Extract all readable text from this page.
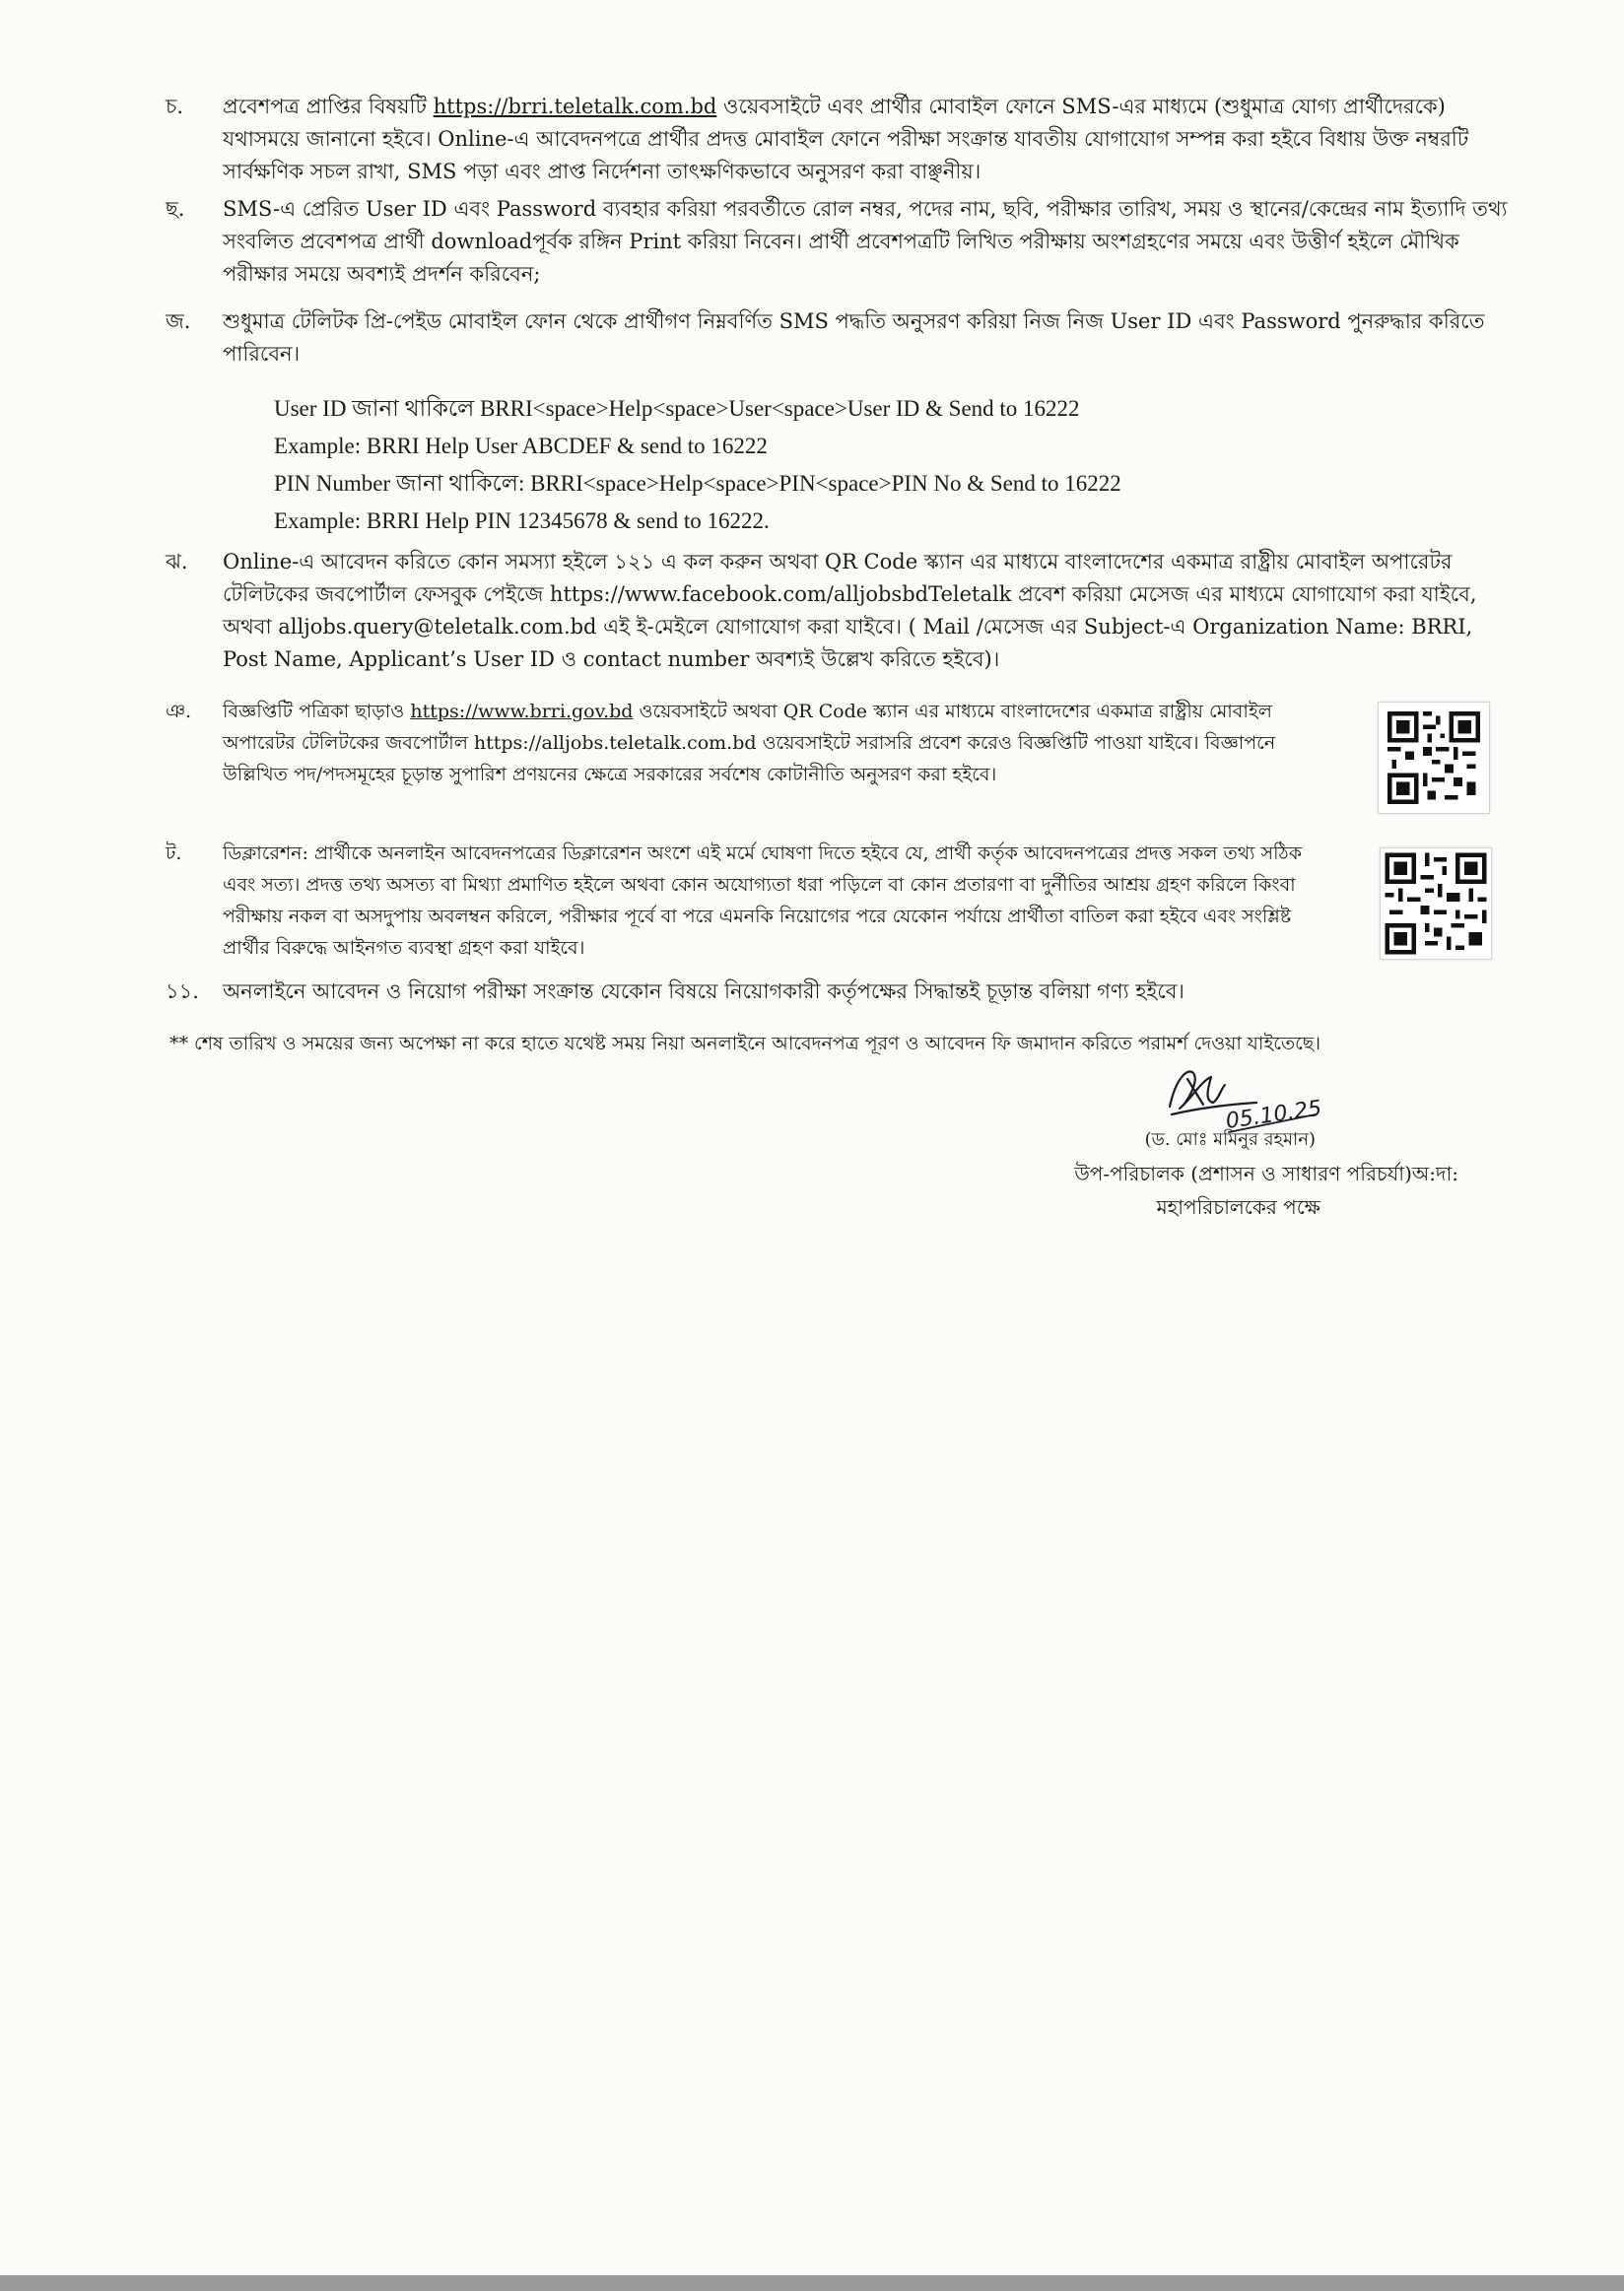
চ.	প্রবেশপত্র প্রাপ্তির বিষয়টি https://brri.teletalk.com.bd ওয়েবসাইটে এবং প্রার্থীর মোবাইল ফোনে SMS-এর মাধ্যমে (শুধুমাত্র যোগ্য প্রার্থীদেরকে) যথাসময়ে জানানো হইবে। Online-এ আবেদনপত্রে প্রার্থীর প্রদত্ত মোবাইল ফোনে পরীক্ষা সংক্রান্ত যাবতীয় যোগাযোগ সম্পন্ন করা হইবে বিধায় উক্ত নম্বরটি সার্বক্ষণিক সচল রাখা, SMS পড়া এবং প্রাপ্ত নির্দেশনা তাৎক্ষণিকভাবে অনুসরণ করা বাঞ্ছনীয়।
ছ.	SMS-এ প্রেরিত User ID এবং Password ব্যবহার করিয়া পরবর্তীতে রোল নম্বর, পদের নাম, ছবি, পরীক্ষার তারিখ, সময় ও স্থানের/কেন্দ্রের নাম ইত্যাদি তথ্য সংবলিত প্রবেশপত্র প্রার্থী downloadপূর্বক রঙ্গিন Print করিয়া নিবেন। প্রার্থী প্রবেশপত্রটি লিখিত পরীক্ষায় অংশগ্রহণের সময়ে এবং উত্তীর্ণ হইলে মৌখিক পরীক্ষার সময়ে অবশ্যই প্রদর্শন করিবেন;
জ.	শুধুমাত্র টেলিটক প্রি-পেইড মোবাইল ফোন থেকে প্রার্থীগণ নিম্নবর্ণিত SMS পদ্ধতি অনুসরণ করিয়া নিজ নিজ User ID এবং Password পুনরুদ্ধার করিতে পারিবেন।
User ID জানা থাকিলে BRRI<space>Help<space>User<space>User ID & Send to 16222
Example: BRRI Help User ABCDEF & send to 16222
PIN Number জানা থাকিলে: BRRI<space>Help<space>PIN<space>PIN No & Send to 16222
Example: BRRI Help PIN 12345678 & send to 16222.
ঝ.	Online-এ আবেদন করিতে কোন সমস্যা হইলে ১২১ এ কল করুন অথবা QR Code স্ক্যান এর মাধ্যমে বাংলাদেশের একমাত্র রাষ্ট্রীয় মোবাইল অপারেটর টেলিটকের জবপোর্টাল ফেসবুক পেইজে https://www.facebook.com/alljobsbdTeletalk প্রবেশ করিয়া মেসেজ এর মাধ্যমে যোগাযোগ করা যাইবে, অথবা alljobs.query@teletalk.com.bd এই ই-মেইলে যোগাযোগ করা যাইবে। ( Mail /মেসেজ এর Subject-এ Organization Name: BRRI, Post Name, Applicant’s User ID ও contact number অবশ্যই উল্লেখ করিতে হইবে)।
ঞ.	বিজ্ঞপ্তিটি পত্রিকা ছাড়াও https://www.brri.gov.bd ওয়েবসাইটে অথবা QR Code স্ক্যান এর মাধ্যমে বাংলাদেশের একমাত্র রাষ্ট্রীয় মোবাইল অপারেটর টেলিটকের জবপোর্টাল https://alljobs.teletalk.com.bd ওয়েবসাইটে সরাসরি প্রবেশ করেও বিজ্ঞপ্তিটি পাওয়া যাইবে। বিজ্ঞাপনে উল্লিখিত পদ/পদসমূহের চূড়ান্ত সুপারিশ প্রণয়নের ক্ষেত্রে সরকারের সর্বশেষ কোটানীতি অনুসরণ করা হইবে।
ট.	ডিক্লারেশন: প্রার্থীকে অনলাইন আবেদনপত্রের ডিক্লারেশন অংশে এই মর্মে ঘোষণা দিতে হইবে যে, প্রার্থী কর্তৃক আবেদনপত্রের প্রদত্ত সকল তথ্য সঠিক এবং সত্য। প্রদত্ত তথ্য অসত্য বা মিথ্যা প্রমাণিত হইলে অথবা কোন অযোগ্যতা ধরা পড়িলে বা কোন প্রতারণা বা দুর্নীতির আশ্রয় গ্রহণ করিলে কিংবা পরীক্ষায় নকল বা অসদুপায় অবলম্বন করিলে, পরীক্ষার পূর্বে বা পরে এমনকি নিয়োগের পরে যেকোন পর্যায়ে প্রার্থীতা বাতিল করা হইবে এবং সংশ্লিষ্ট প্রার্থীর বিরুদ্ধে আইনগত ব্যবস্থা গ্রহণ করা যাইবে।
১১.	অনলাইনে আবেদন ও নিয়োগ পরীক্ষা সংক্রান্ত যেকোন বিষয়ে নিয়োগকারী কর্তৃপক্ষের সিদ্ধান্তই চূড়ান্ত বলিয়া গণ্য হইবে।
** শেষ তারিখ ও সময়ের জন্য অপেক্ষা না করে হাতে যথেষ্ট সময় নিয়া অনলাইনে আবেদনপত্র পূরণ ও আবেদন ফি জমাদান করিতে পরামর্শ দেওয়া যাইতেছে।
05.10.25
(ড. মোঃ মমিনুর রহমান)
উপ-পরিচালক (প্রশাসন ও সাধারণ পরিচর্যা)অ:দা:
মহাপরিচালকের পক্ষে
